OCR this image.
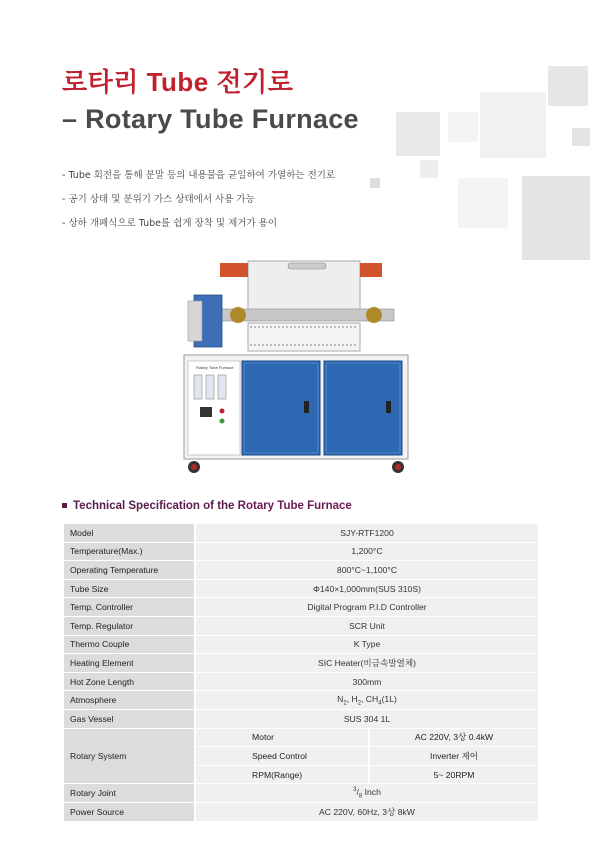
로타리 Tube 전기로
– Rotary Tube Furnace
- Tube 회전을 통해 분말 등의 내용물을 균일하여 가열하는 전기로
- 공기 상태 및 분위기 가스 상태에서 사용 가능
- 상하 개폐식으로 Tube를 쉽게 장착 및 제거가 용이
Rotary Tube Furnace
Technical Specification of the Rotary Tube Furnace
Model	SJY-RTF1200	
Temperature(Max.)	1,200°C	
Operating Temperature	800°C~1,100°C	
Tube Size	Φ140×1,000mm(SUS 310S)	
Temp. Controller	Digital Program P.I.D Controller	
Temp. Regulator	SCR Unit	
Thermo Couple	K Type	
Heating Element	SIC Heater(비금속발열체)	
Hot Zone Length	300mm	
Atmosphere	$N_2$, $H_2$, $CH_4(1L)$	
Gas Vessel	SUS 304 1L	
Rotary System	Motor	AC 220V, 3상 0.4kW
	Speed Control	Inverter 제어
	RPM(Range)	5~ 20RPM
Rotary Joint	$^3/_8$ Inch	
Power Source	AC 220V, 60Hz, 3상 8kW	
